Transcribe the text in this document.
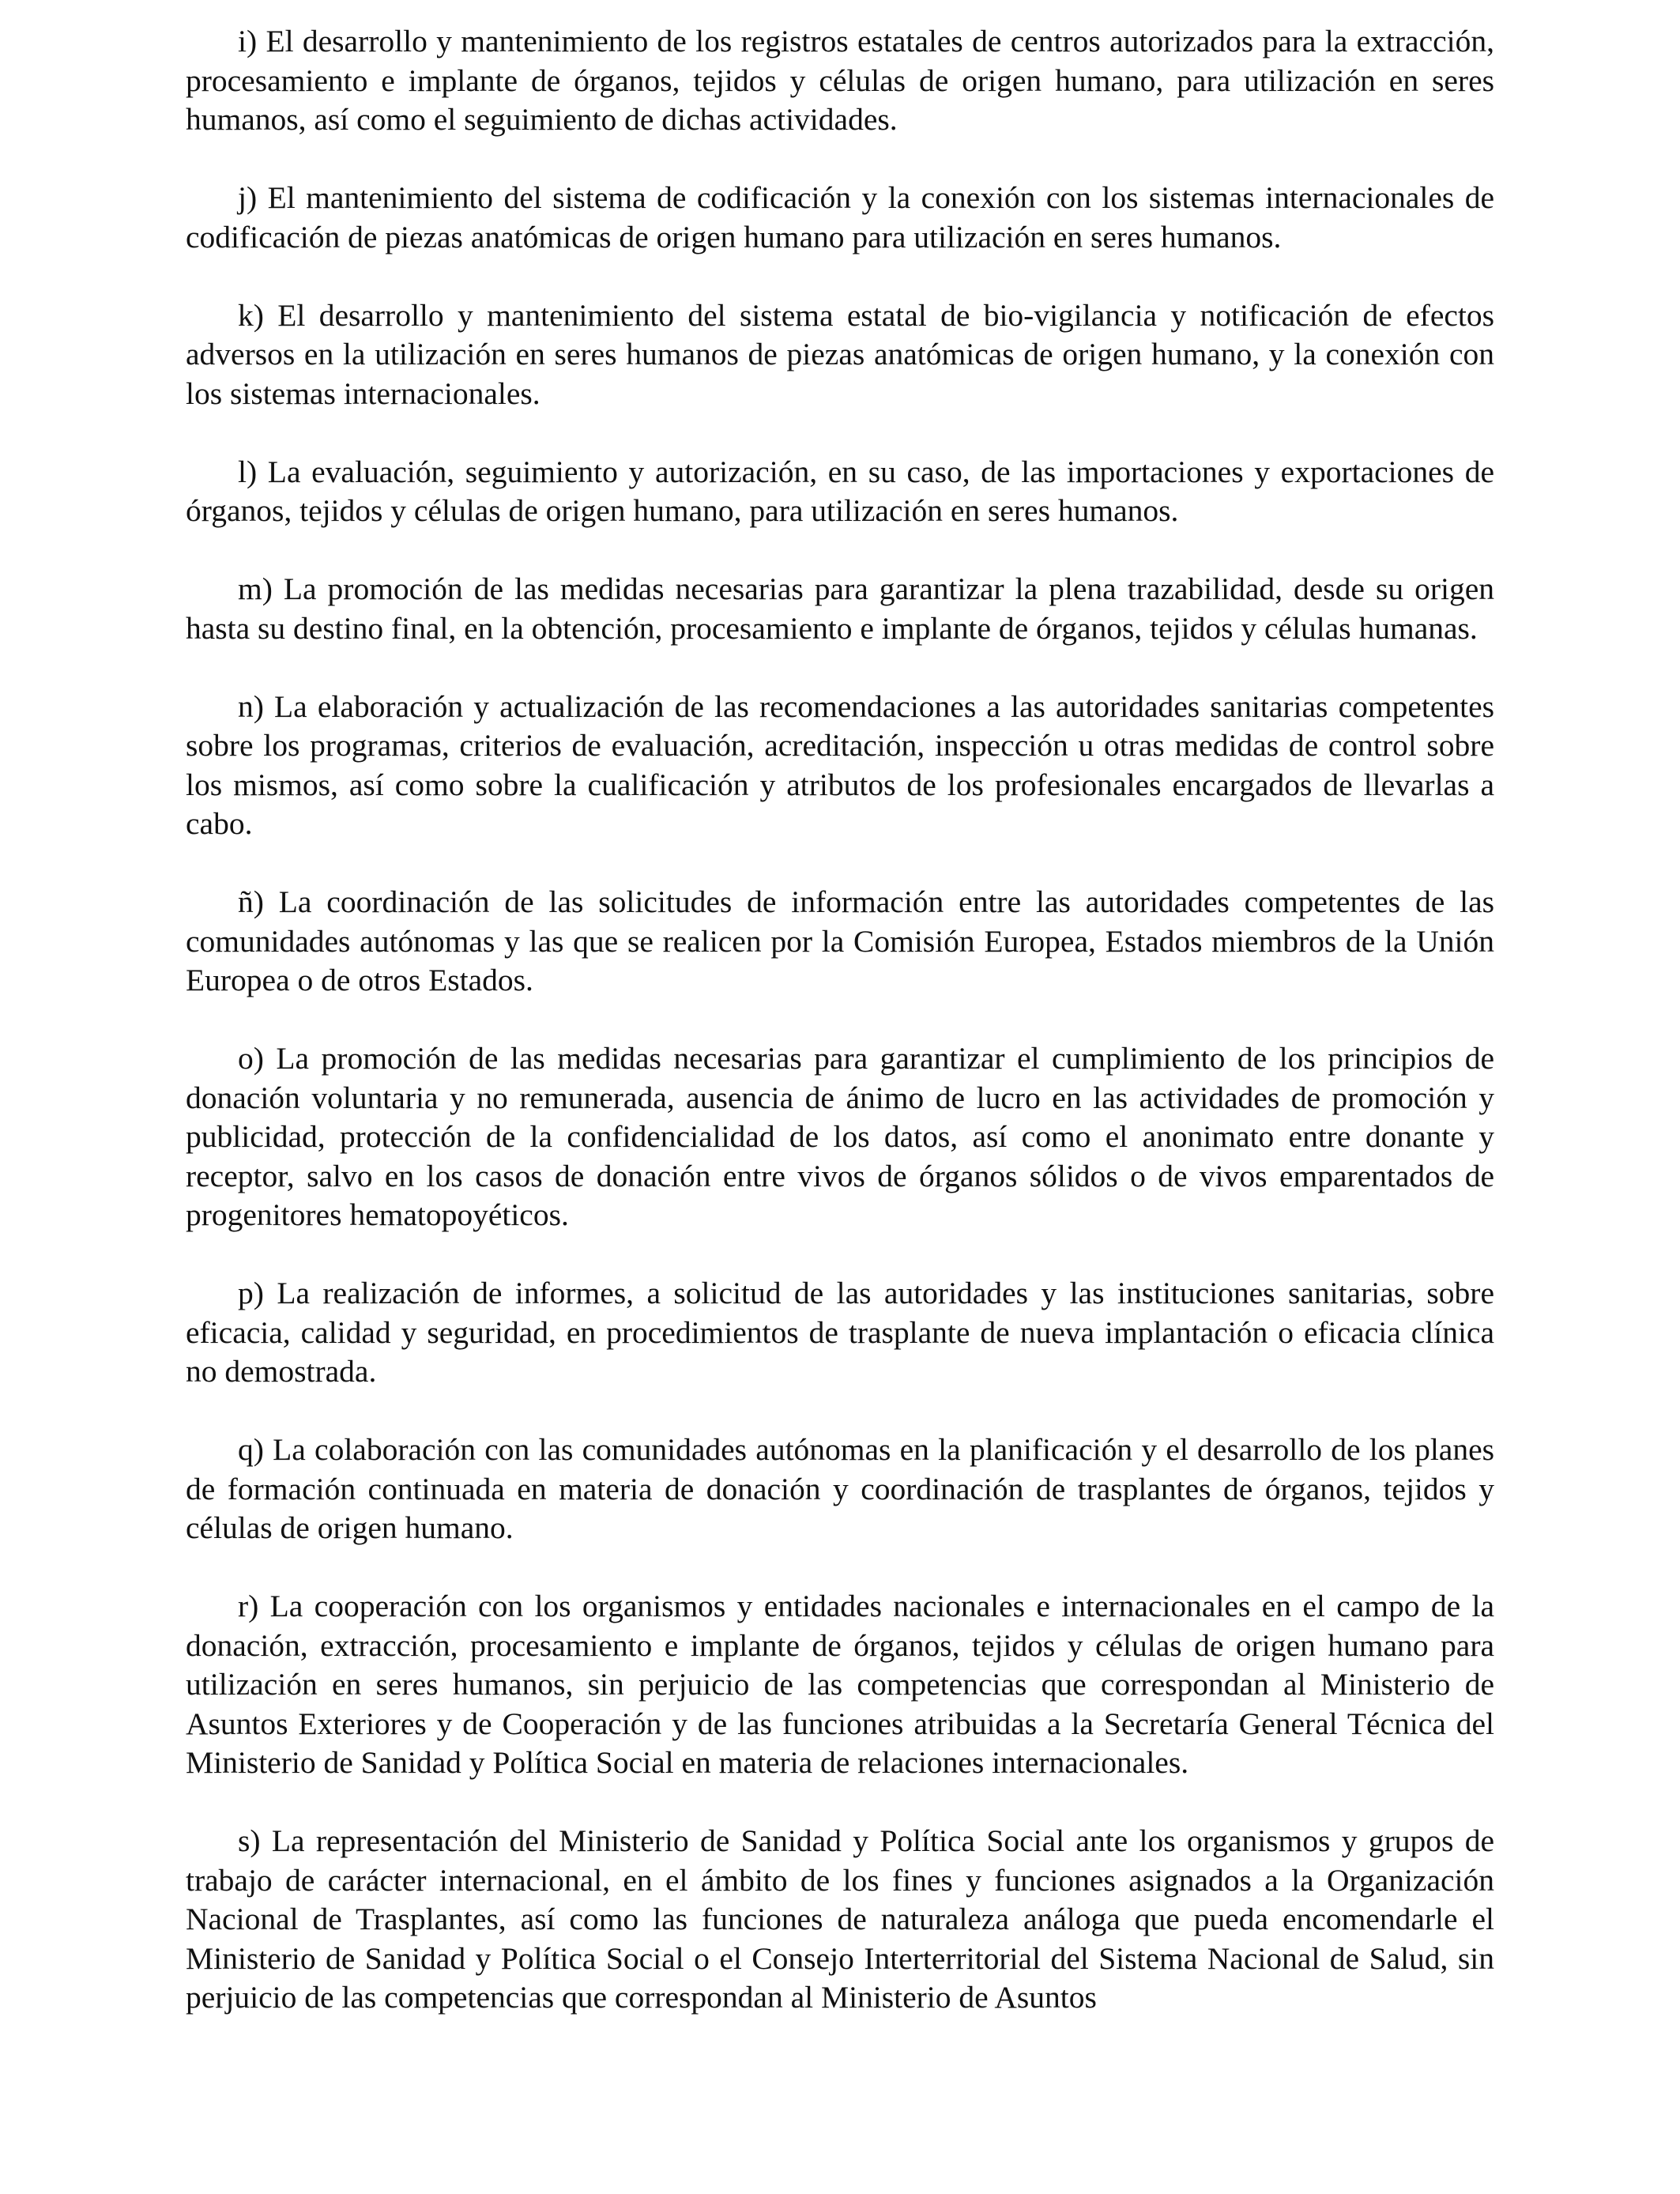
i) El desarrollo y mantenimiento de los registros estatales de centros autorizados para la extracción, procesamiento e implante de órganos, tejidos y células de origen humano, para utilización en seres humanos, así como el seguimiento de dichas actividades.

j) El mantenimiento del sistema de codificación y la conexión con los sistemas internacionales de codificación de piezas anatómicas de origen humano para utilización en seres humanos.

k) El desarrollo y mantenimiento del sistema estatal de bio-vigilancia y notificación de efectos adversos en la utilización en seres humanos de piezas anatómicas de origen humano, y la conexión con los sistemas internacionales.

l) La evaluación, seguimiento y autorización, en su caso, de las importaciones y exportaciones de órganos, tejidos y células de origen humano, para utilización en seres humanos.

m) La promoción de las medidas necesarias para garantizar la plena trazabilidad, desde su origen hasta su destino final, en la obtención, procesamiento e implante de órganos, tejidos y células humanas.

n) La elaboración y actualización de las recomendaciones a las autoridades sanitarias competentes sobre los programas, criterios de evaluación, acreditación, inspección u otras medidas de control sobre los mismos, así como sobre la cualificación y atributos de los profesionales encargados de llevarlas a cabo.

ñ) La coordinación de las solicitudes de información entre las autoridades competentes de las comunidades autónomas y las que se realicen por la Comisión Europea, Estados miembros de la Unión Europea o de otros Estados.

o) La promoción de las medidas necesarias para garantizar el cumplimiento de los principios de donación voluntaria y no remunerada, ausencia de ánimo de lucro en las actividades de promoción y publicidad, protección de la confidencialidad de los datos, así como el anonimato entre donante y receptor, salvo en los casos de donación entre vivos de órganos sólidos o de vivos emparentados de progenitores hematopoyéticos.

p) La realización de informes, a solicitud de las autoridades y las instituciones sanitarias, sobre eficacia, calidad y seguridad, en procedimientos de trasplante de nueva implantación o eficacia clínica no demostrada.

q) La colaboración con las comunidades autónomas en la planificación y el desarrollo de los planes de formación continuada en materia de donación y coordinación de trasplantes de órganos, tejidos y células de origen humano.

r) La cooperación con los organismos y entidades nacionales e internacionales en el campo de la donación, extracción, procesamiento e implante de órganos, tejidos y células de origen humano para utilización en seres humanos, sin perjuicio de las competencias que correspondan al Ministerio de Asuntos Exteriores y de Cooperación y de las funciones atribuidas a la Secretaría General Técnica del Ministerio de Sanidad y Política Social en materia de relaciones internacionales.

s) La representación del Ministerio de Sanidad y Política Social ante los organismos y grupos de trabajo de carácter internacional, en el ámbito de los fines y funciones asignados a la Organización Nacional de Trasplantes, así como las funciones de naturaleza análoga que pueda encomendarle el Ministerio de Sanidad y Política Social o el Consejo Interterritorial del Sistema Nacional de Salud, sin perjuicio de las competencias que correspondan al Ministerio de Asuntos
